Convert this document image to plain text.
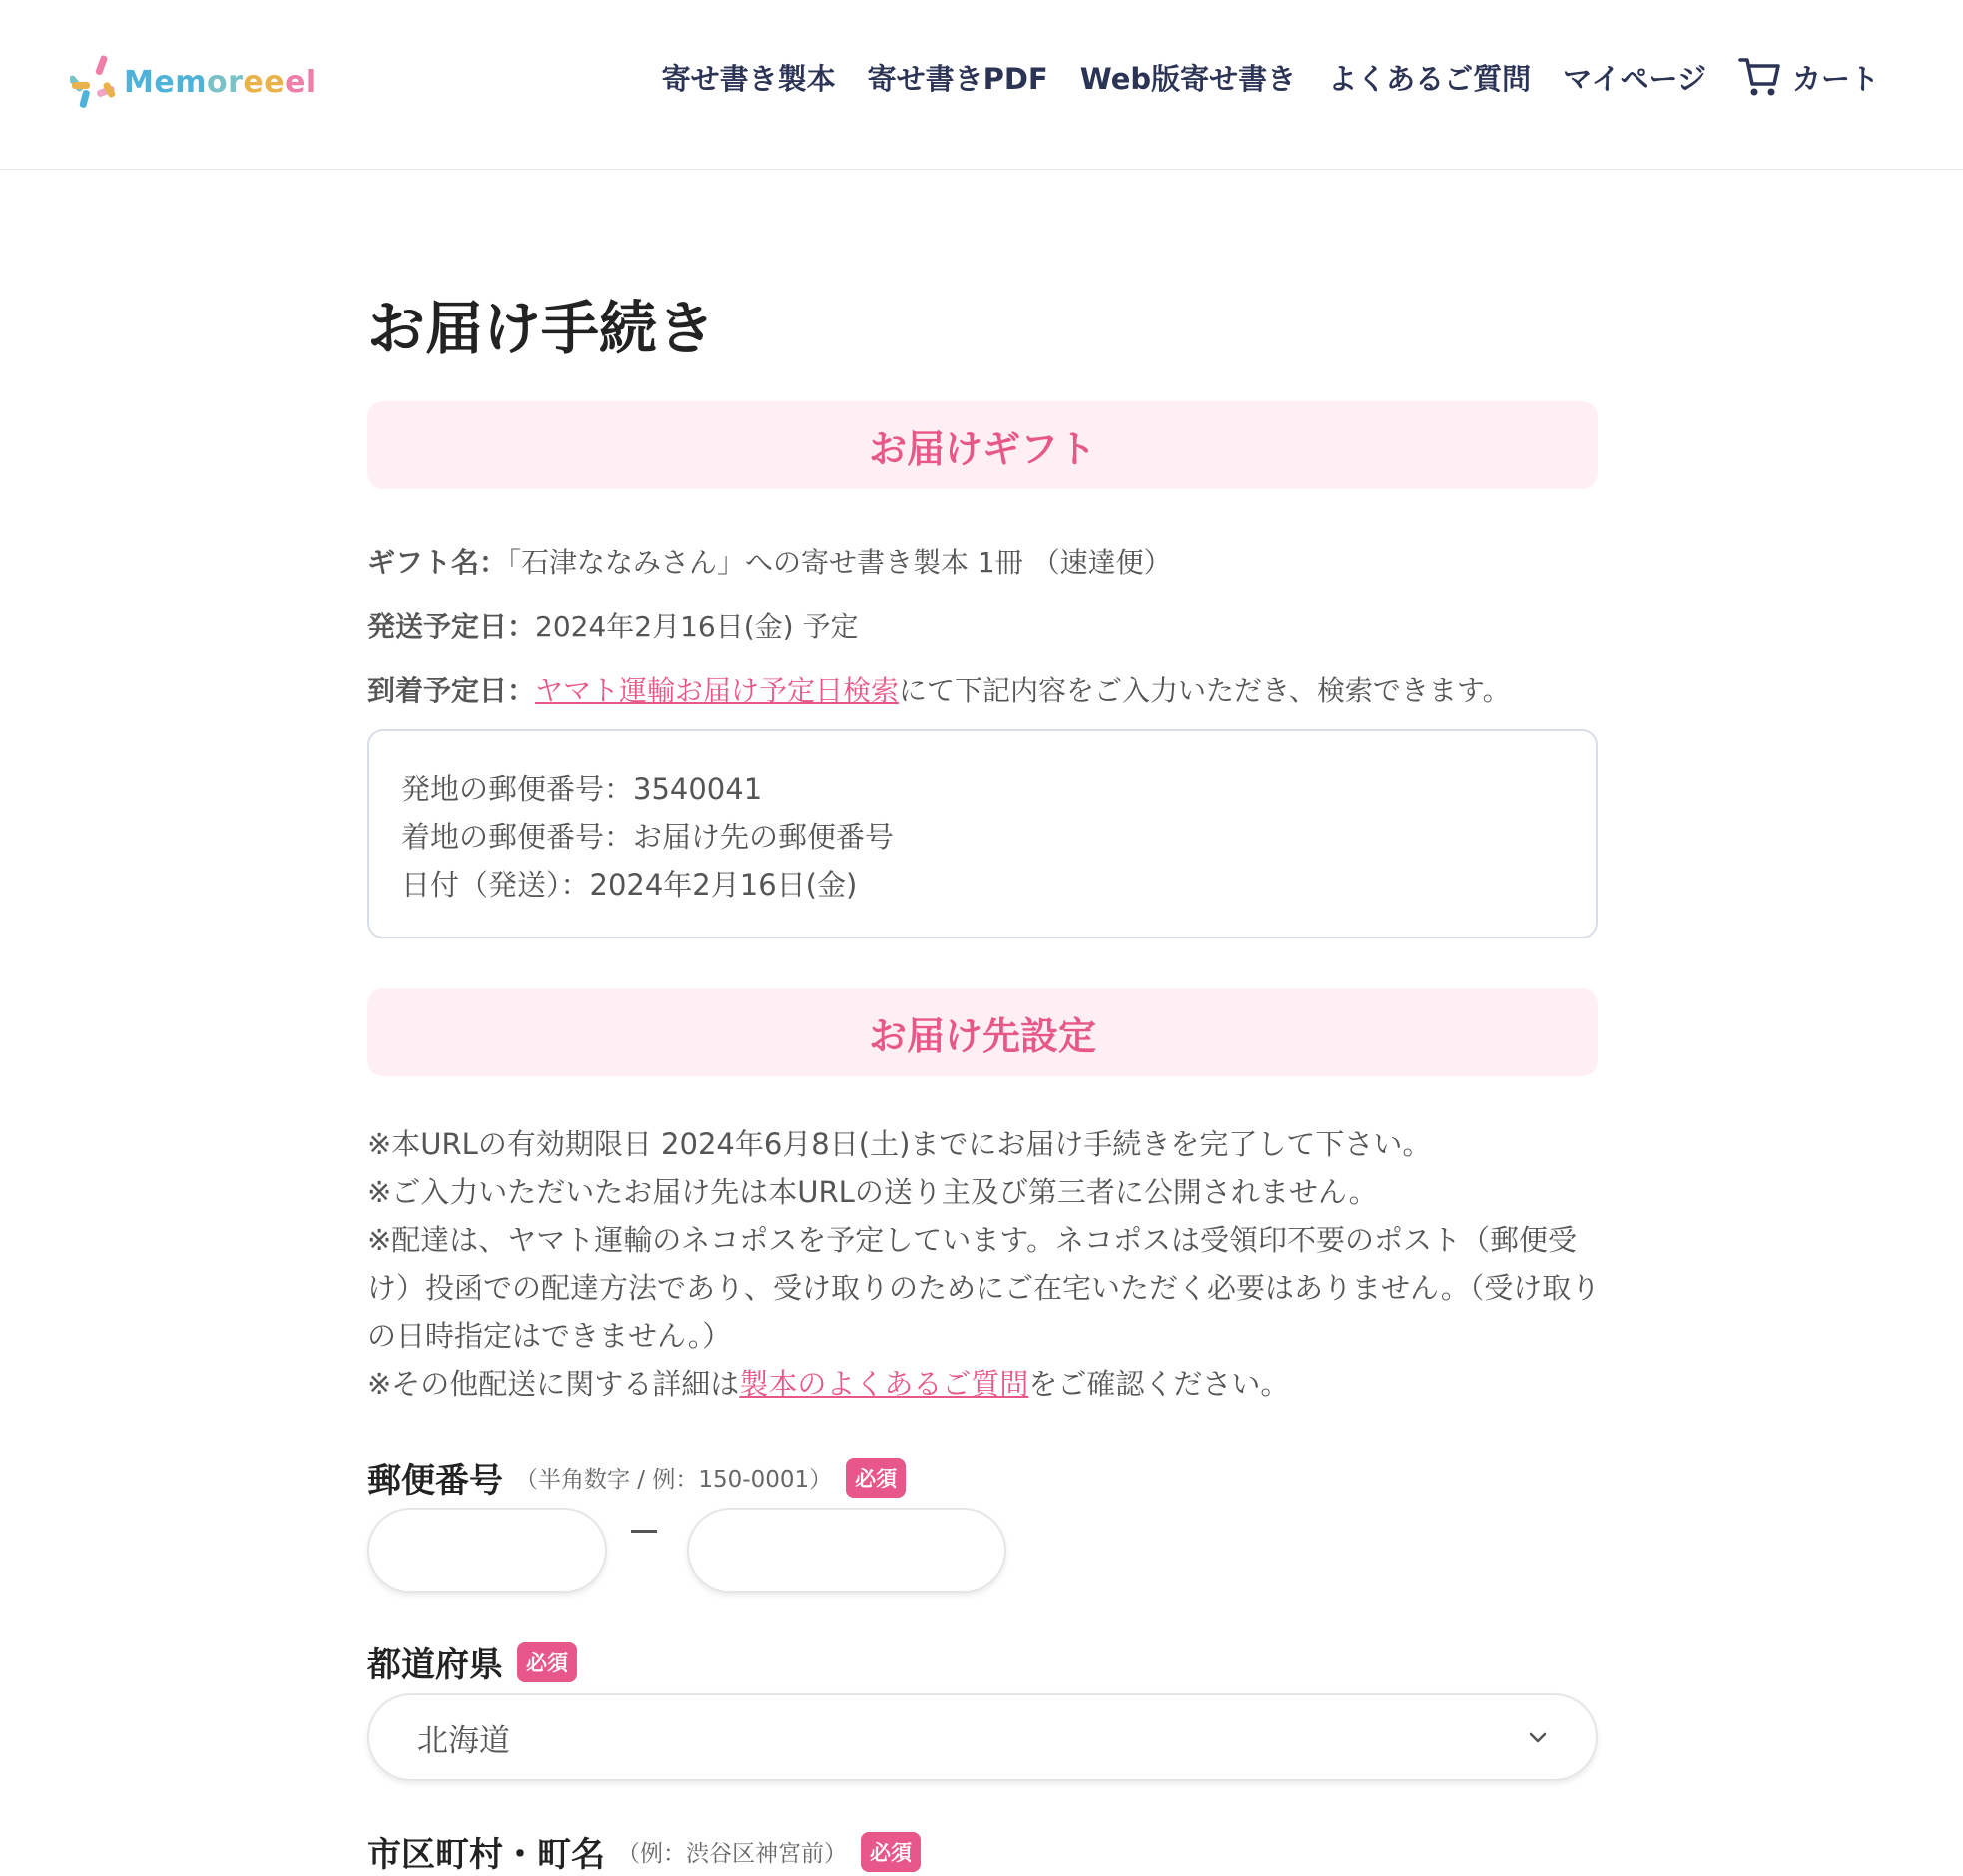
Memoreeel	寄せ書き製本 寄せ書きPDF Web版寄せ書き よくあるご質問 マイページ	カート
お届け手続き
お届けギフト
ギフト名：「石津ななみさん」への寄せ書き製本 1冊 （速達便）
発送予定日：2024年2月16日(金) 予定
到着予定日：ヤマト運輸お届け予定日検索にて下記内容をご入力いただき、検索できます。
発地の郵便番号：3540041
着地の郵便番号：お届け先の郵便番号
日付（発送）：2024年2月16日(金)
お届け先設定

※本URLの有効期限日 2024年6月8日(土)までにお届け手続きを完了して下さい。

※ご入力いただいたお届け先は本URLの送り主及び第三者に公開されません。

※配達は、ヤマト運輸のネコポスを予定しています。ネコポスは受領印不要のポスト（郵便受け）投函での配達方法であり、受け取りのためにご在宅いただく必要はありません。（受け取りの日時指定はできません。）

※その他配送に関する詳細は製本のよくあるご質問をご確認ください。

郵便番号 （半角数字 / 例：150-0001）	必須
都道府県	必須
北海道
市区町村・町名 （例：渋谷区神宮前）	必須
